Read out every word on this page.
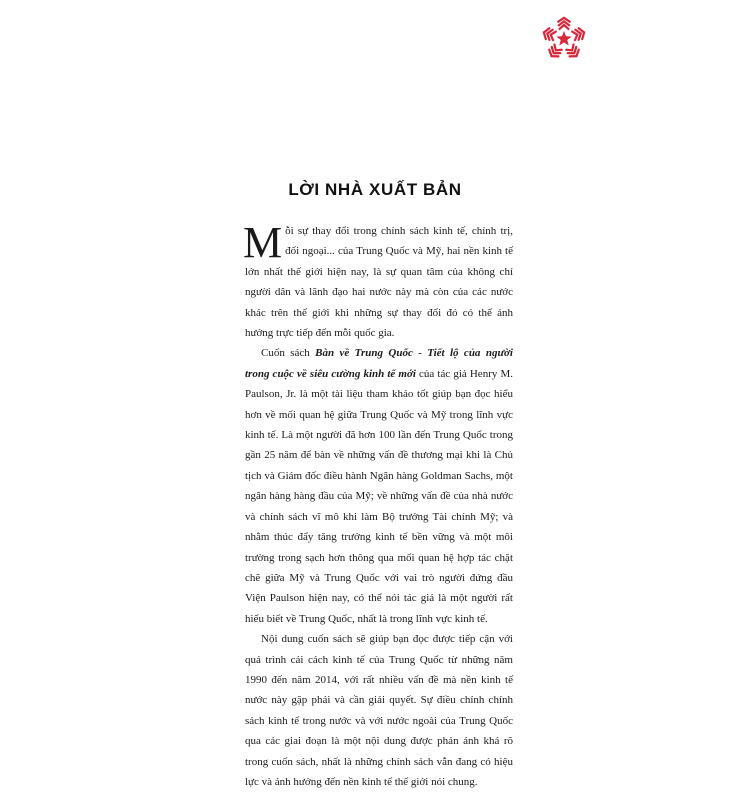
LỜI NHÀ XUẤT BẢN

Mỗi sự thay đổi trong chính sách kinh tế, chính trị, đối ngoại... của Trung Quốc và Mỹ, hai nền kinh tế lớn nhất thế giới hiện nay, là sự quan tâm của không chỉ người dân và lãnh đạo hai nước này mà còn của các nước khác trên thế giới khi những sự thay đổi đó có thể ảnh hưởng trực tiếp đến mỗi quốc gia.

Cuốn sách Bàn về Trung Quốc - Tiết lộ của người trong cuộc về siêu cường kinh tế mới của tác giả Henry M. Paulson, Jr. là một tài liệu tham khảo tốt giúp bạn đọc hiểu hơn về mối quan hệ giữa Trung Quốc và Mỹ trong lĩnh vực kinh tế. Là một người đã hơn 100 lần đến Trung Quốc trong gần 25 năm để bàn về những vấn đề thương mại khi là Chủ tịch và Giám đốc điều hành Ngân hàng Goldman Sachs, một ngân hàng hàng đầu của Mỹ; về những vấn đề của nhà nước và chính sách vĩ mô khi làm Bộ trưởng Tài chính Mỹ; và nhằm thúc đẩy tăng trưởng kinh tế bền vững và một môi trường trong sạch hơn thông qua mối quan hệ hợp tác chặt chẽ giữa Mỹ và Trung Quốc với vai trò người đứng đầu Viện Paulson hiện nay, có thể nói tác giả là một người rất hiểu biết về Trung Quốc, nhất là trong lĩnh vực kinh tế.

Nội dung cuốn sách sẽ giúp bạn đọc được tiếp cận với quá trình cải cách kinh tế của Trung Quốc từ những năm 1990 đến năm 2014, với rất nhiều vấn đề mà nền kinh tế nước này gặp phải và cần giải quyết. Sự điều chỉnh chính sách kinh tế trong nước và với nước ngoài của Trung Quốc qua các giai đoạn là một nội dung được phản ánh khá rõ trong cuốn sách, nhất là những chính sách vẫn đang có hiệu lực và ảnh hưởng đến nền kinh tế thế giới nói chung.
